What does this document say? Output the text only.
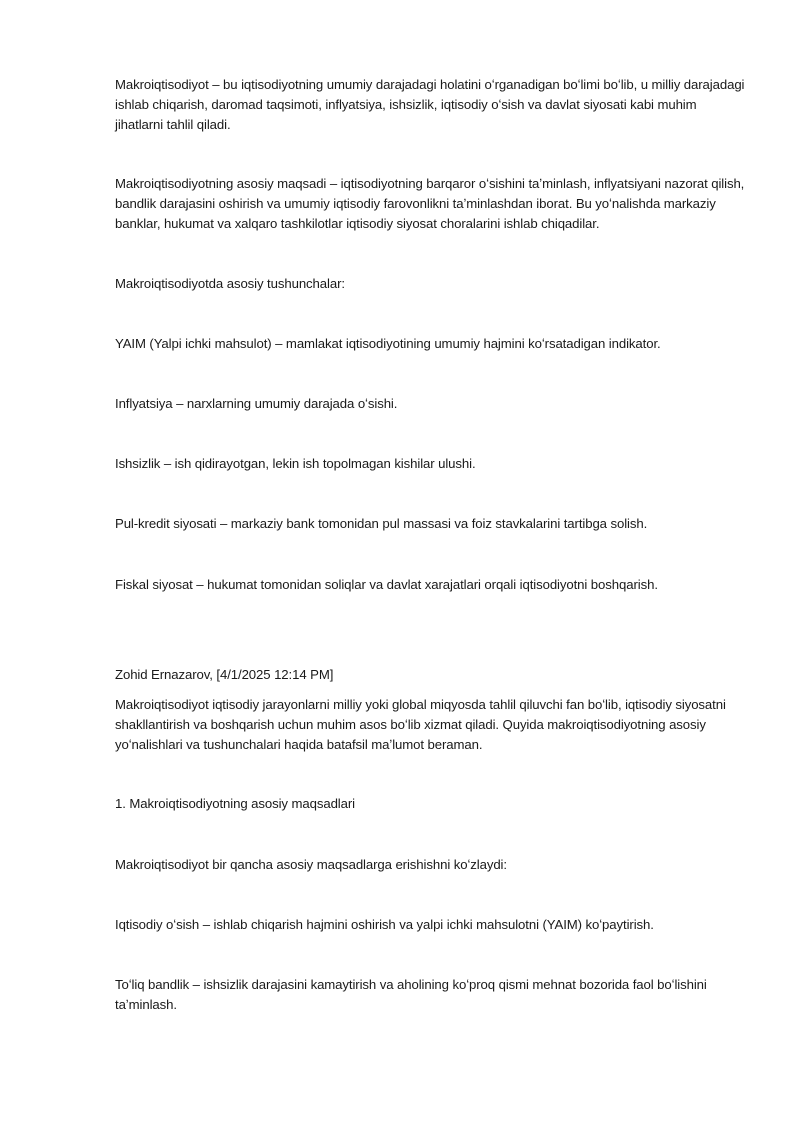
Makroiqtisodiyot – bu iqtisodiyotning umumiy darajadagi holatini oʻrganadigan boʻlimi boʻlib, u milliy darajadagi ishlab chiqarish, daromad taqsimoti, inflyatsiya, ishsizlik, iqtisodiy oʻsish va davlat siyosati kabi muhim jihatlarni tahlil qiladi.

Makroiqtisodiyotning asosiy maqsadi – iqtisodiyotning barqaror oʻsishini taʼminlash, inflyatsiyani nazorat qilish, bandlik darajasini oshirish va umumiy iqtisodiy farovonlikni taʼminlashdan iborat. Bu yoʻnalishda markaziy banklar, hukumat va xalqaro tashkilotlar iqtisodiy siyosat choralarini ishlab chiqadilar.

Makroiqtisodiyotda asosiy tushunchalar:

YAIM (Yalpi ichki mahsulot) – mamlakat iqtisodiyotining umumiy hajmini koʻrsatadigan indikator.

Inflyatsiya – narxlarning umumiy darajada oʻsishi.

Ishsizlik – ish qidirayotgan, lekin ish topolmagan kishilar ulushi.

Pul-kredit siyosati – markaziy bank tomonidan pul massasi va foiz stavkalarini tartibga solish.

Fiskal siyosat – hukumat tomonidan soliqlar va davlat xarajatlari orqali iqtisodiyotni boshqarish.

Zohid Ernazarov, [4/1/2025 12:14 PM]

Makroiqtisodiyot iqtisodiy jarayonlarni milliy yoki global miqyosda tahlil qiluvchi fan boʻlib, iqtisodiy siyosatni shakllantirish va boshqarish uchun muhim asos boʻlib xizmat qiladi. Quyida makroiqtisodiyotning asosiy yoʻnalishlari va tushunchalari haqida batafsil maʼlumot beraman.

1. Makroiqtisodiyotning asosiy maqsadlari

Makroiqtisodiyot bir qancha asosiy maqsadlarga erishishni koʻzlaydi:

Iqtisodiy oʻsish – ishlab chiqarish hajmini oshirish va yalpi ichki mahsulotni (YAIM) koʻpaytirish.

Toʻliq bandlik – ishsizlik darajasini kamaytirish va aholining koʻproq qismi mehnat bozorida faol boʻlishini taʼminlash.
